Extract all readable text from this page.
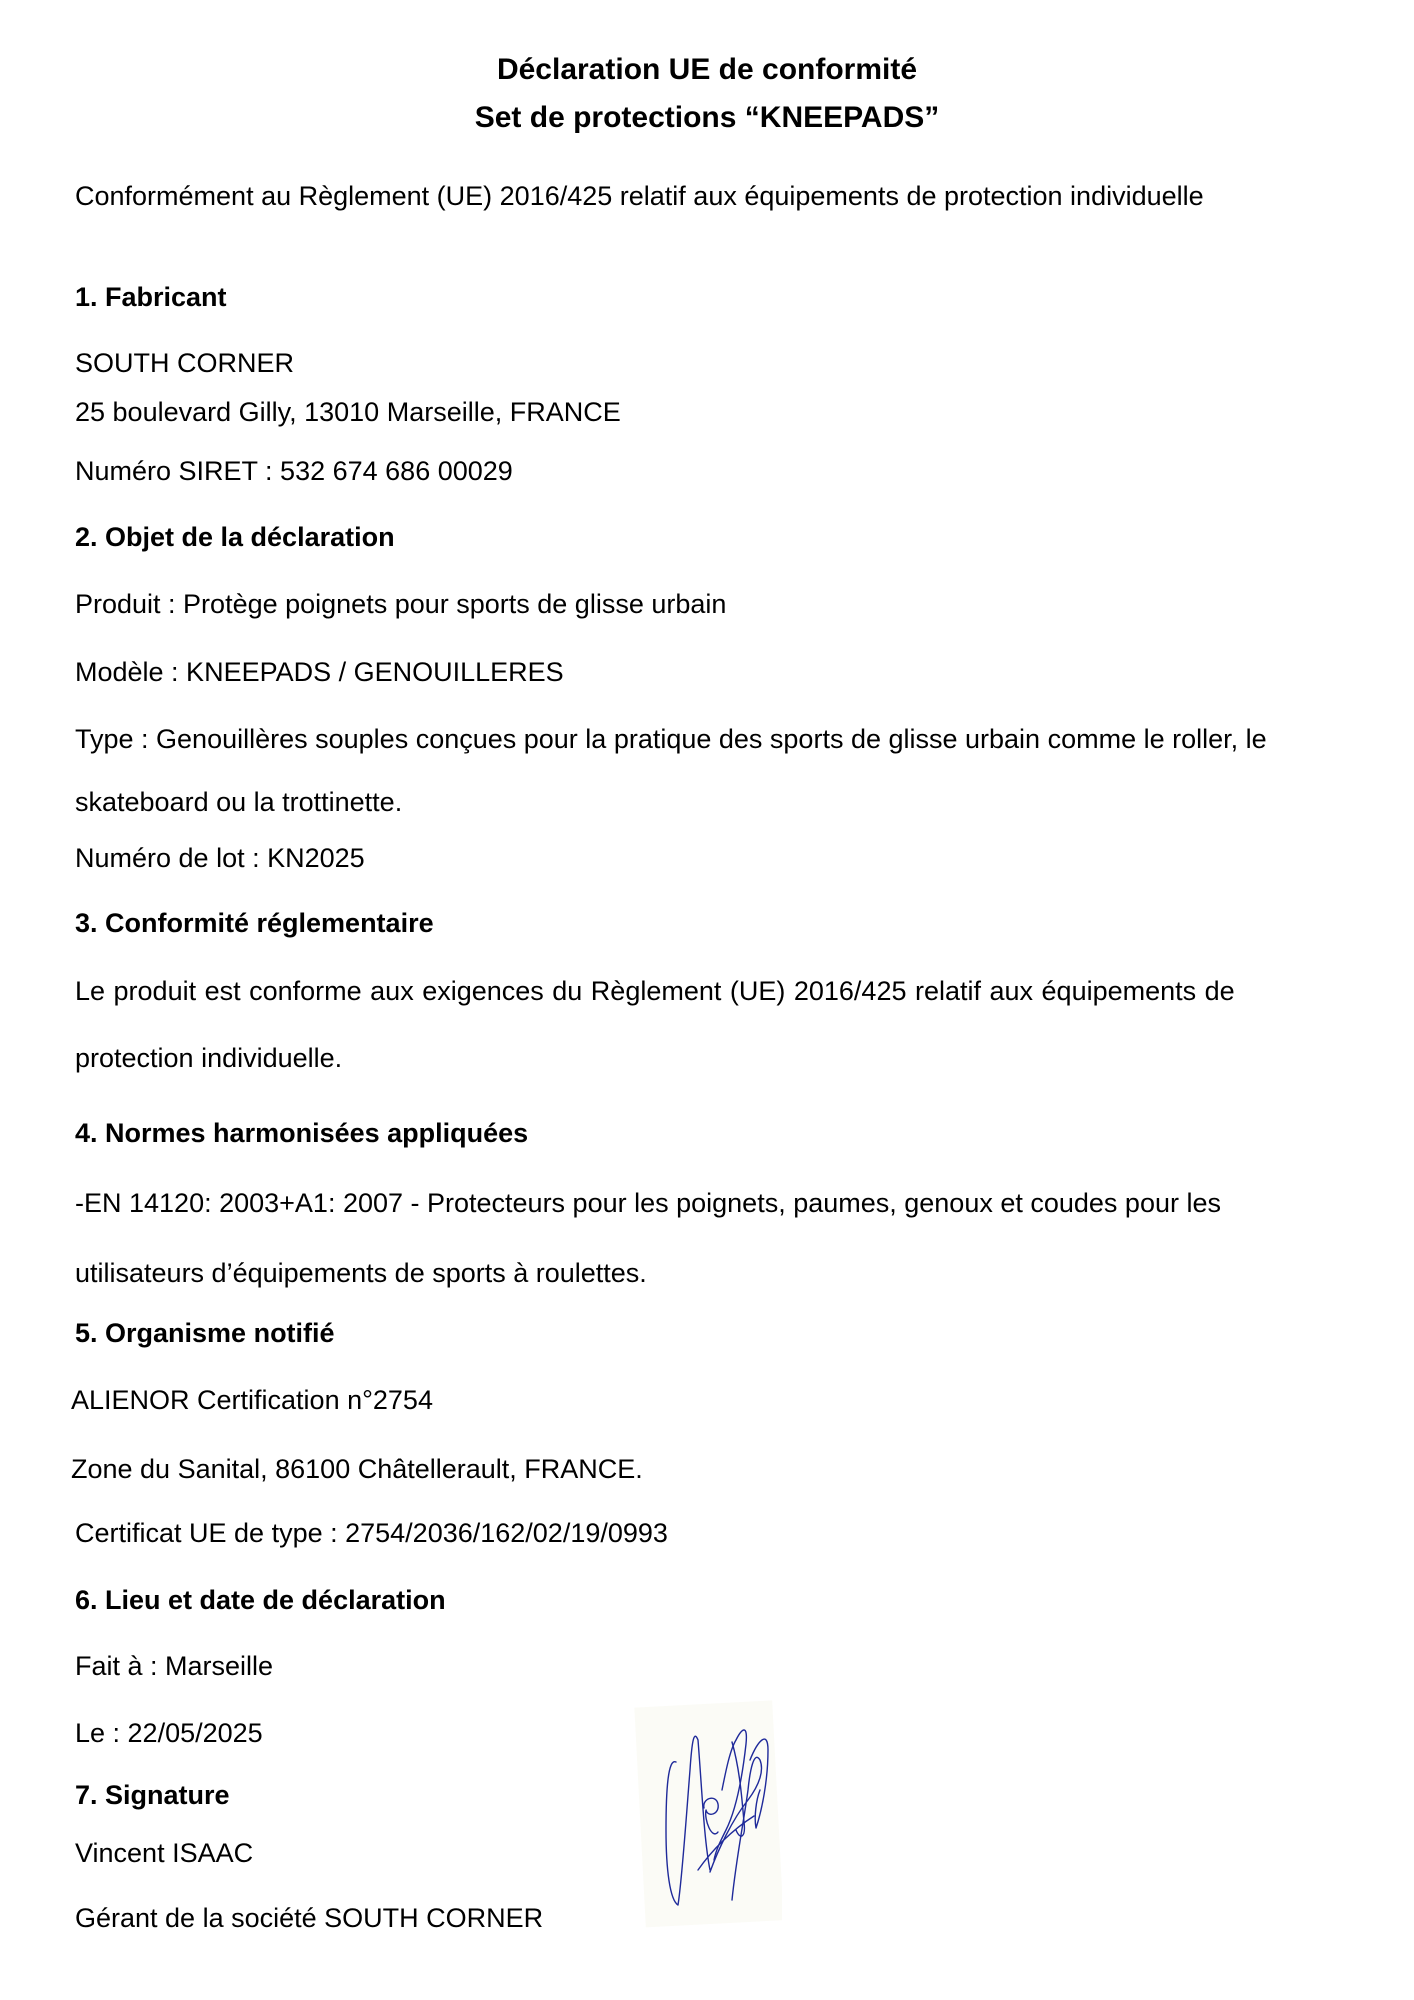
Déclaration UE de conformité
Set de protections “KNEEPADS”
Conformément au Règlement (UE) 2016/425 relatif aux équipements de protection individuelle
1. Fabricant
SOUTH CORNER
25 boulevard Gilly, 13010 Marseille, FRANCE
Numéro SIRET : 532 674 686 00029
2. Objet de la déclaration
Produit : Protège poignets pour sports de glisse urbain
Modèle : KNEEPADS / GENOUILLERES
Type : Genouillères souples conçues pour la pratique des sports de glisse urbain comme le roller, le
skateboard ou la trottinette.
Numéro de lot : KN2025
3. Conformité réglementaire
Le produit est conforme aux exigences du Règlement (UE) 2016/425 relatif aux équipements de
protection individuelle.
4. Normes harmonisées appliquées
-EN 14120: 2003+A1: 2007 - Protecteurs pour les poignets, paumes, genoux et coudes pour les
utilisateurs d’équipements de sports à roulettes.
5. Organisme notifié
ALIENOR Certification n°2754
Zone du Sanital, 86100 Châtellerault, FRANCE.
Certificat UE de type : 2754/2036/162/02/19/0993
6. Lieu et date de déclaration
Fait à : Marseille
Le : 22/05/2025
7. Signature
Vincent ISAAC
Gérant de la société SOUTH CORNER
